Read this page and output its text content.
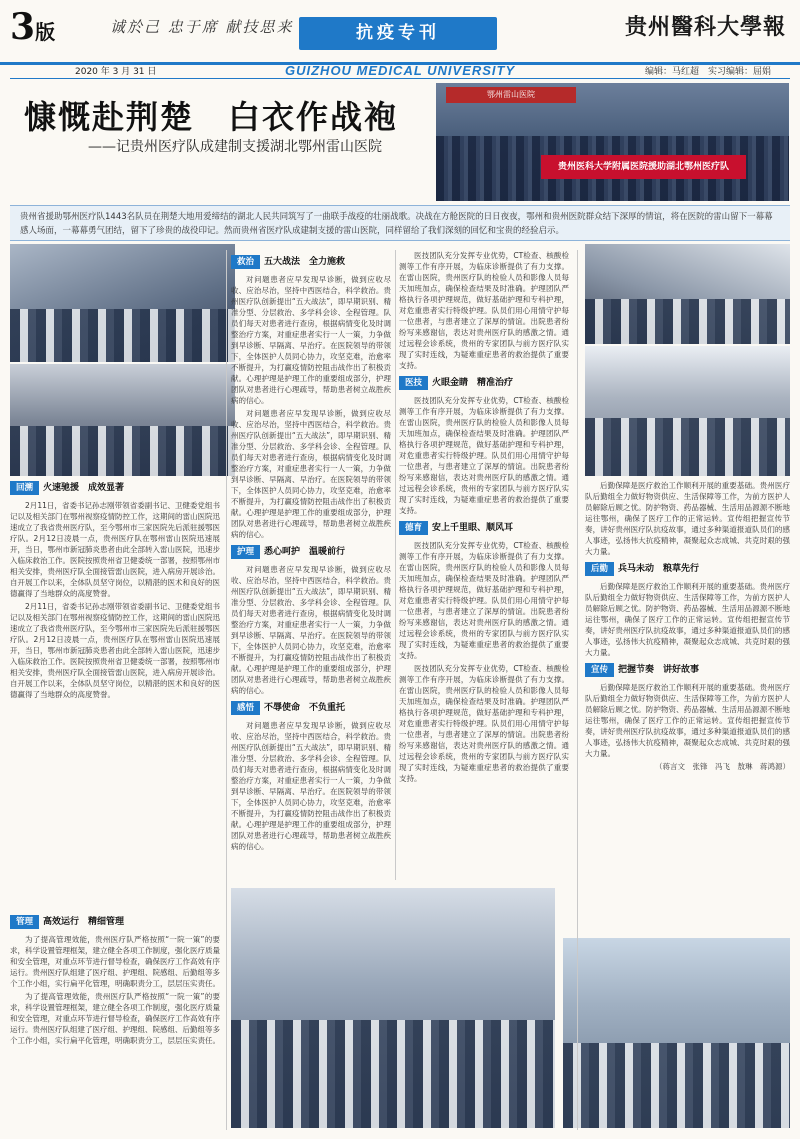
3版	诚於己 忠于席 献技思来	抗疫专刊	贵州醫科大學報
2020 年 3 月 31 日	GUIZHOU MEDICAL UNIVERSITY	编辑：马红超　实习编辑：屈娟
慷慨赴荆楚　白衣作战袍
——记贵州医疗队成建制支援湖北鄂州雷山医院
鄂州雷山医院
贵州医科大学附属医院援助湖北鄂州医疗队
贵州省援助鄂州医疗队1443名队员在荆楚大地用爱缔结的湖北人民共同筑写了一曲联手战疫的壮丽战歌。决战在方舱医院的日日夜夜，鄂州和贵州医院群众结下深厚的情谊，将在医院的雷山留下一幕幕感人场面，一幕幕勇气团结，留下了珍贵的战役印记。然而贵州省医疗队成建制支援的雷山医院，同样留给了我们深刻的回忆和宝贵的经验启示。
回溯 火速驰援　成效显著

2月11日，省委书记孙志刚带领省委副书记、卫健委党组书记以及相关部门在鄂州视察疫情防控工作，这期间的雷山医院迅速成立了我省贵州医疗队，至今鄂州市三家医院先后派驻援鄂医疗队。2月12日凌晨一点，贵州医疗队在鄂州雷山医院迅速展开，当日，鄂州市新冠肺炎患者由此全部转入雷山医院，迅速步入临床救治工作。医院按照贵州省卫健委统一部署，按照鄂州市相关安排，贵州医疗队全面接管雷山医院，进入病房开展诊治。自开展工作以来，全体队员坚守岗位，以精湛的医术和良好的医德赢得了当地群众的高度赞誉。

2月11日，省委书记孙志刚带领省委副书记、卫健委党组书记以及相关部门在鄂州视察疫情防控工作，这期间的雷山医院迅速成立了我省贵州医疗队，至今鄂州市三家医院先后派驻援鄂医疗队。2月12日凌晨一点，贵州医疗队在鄂州雷山医院迅速展开，当日，鄂州市新冠肺炎患者由此全部转入雷山医院，迅速步入临床救治工作。医院按照贵州省卫健委统一部署，按照鄂州市相关安排，贵州医疗队全面接管雷山医院，进入病房开展诊治。自开展工作以来，全体队员坚守岗位，以精湛的医术和良好的医德赢得了当地群众的高度赞誉。

管理 高效运行　精细管理

为了提高管理效能，贵州医疗队严格按照“一院一策”的要求，科学设置管理框架，建立健全各项工作制度，强化医疗质量和安全管理，对重点环节进行督导检查，确保医疗工作高效有序运行。贵州医疗队组建了医疗组、护理组、院感组、后勤组等多个工作小组，实行扁平化管理，明确职责分工，层层压实责任。

为了提高管理效能，贵州医疗队严格按照“一院一策”的要求，科学设置管理框架，建立健全各项工作制度，强化医疗质量和安全管理，对重点环节进行督导检查，确保医疗工作高效有序运行。贵州医疗队组建了医疗组、护理组、院感组、后勤组等多个工作小组，实行扁平化管理，明确职责分工，层层压实责任。

救治 五大战法　全力施救

对问题患者应早发现早诊断，做到应收尽收、应治尽治，坚持中西医结合，科学救治。贵州医疗队创新提出“五大战法”，即早期识别、精准分型、分层救治、多学科会诊、全程管理。队员们每天对患者进行查房，根据病情变化及时调整治疗方案，对重症患者实行一人一策，力争做到早诊断、早隔离、早治疗。在医院领导的带领下，全体医护人员同心协力，攻坚克难，治愈率不断提升，为打赢疫情防控阻击战作出了积极贡献。心理护理是护理工作的重要组成部分，护理团队对患者进行心理疏导，帮助患者树立战胜疾病的信心。

对问题患者应早发现早诊断，做到应收尽收、应治尽治，坚持中西医结合，科学救治。贵州医疗队创新提出“五大战法”，即早期识别、精准分型、分层救治、多学科会诊、全程管理。队员们每天对患者进行查房，根据病情变化及时调整治疗方案，对重症患者实行一人一策，力争做到早诊断、早隔离、早治疗。在医院领导的带领下，全体医护人员同心协力，攻坚克难，治愈率不断提升，为打赢疫情防控阻击战作出了积极贡献。心理护理是护理工作的重要组成部分，护理团队对患者进行心理疏导，帮助患者树立战胜疾病的信心。

护理 悉心呵护　温暖前行

对问题患者应早发现早诊断，做到应收尽收、应治尽治，坚持中西医结合，科学救治。贵州医疗队创新提出“五大战法”，即早期识别、精准分型、分层救治、多学科会诊、全程管理。队员们每天对患者进行查房，根据病情变化及时调整治疗方案，对重症患者实行一人一策，力争做到早诊断、早隔离、早治疗。在医院领导的带领下，全体医护人员同心协力，攻坚克难，治愈率不断提升，为打赢疫情防控阻击战作出了积极贡献。心理护理是护理工作的重要组成部分，护理团队对患者进行心理疏导，帮助患者树立战胜疾病的信心。

感悟 不辱使命　不负重托

对问题患者应早发现早诊断，做到应收尽收、应治尽治，坚持中西医结合，科学救治。贵州医疗队创新提出“五大战法”，即早期识别、精准分型、分层救治、多学科会诊、全程管理。队员们每天对患者进行查房，根据病情变化及时调整治疗方案，对重症患者实行一人一策，力争做到早诊断、早隔离、早治疗。在医院领导的带领下，全体医护人员同心协力，攻坚克难，治愈率不断提升，为打赢疫情防控阻击战作出了积极贡献。心理护理是护理工作的重要组成部分，护理团队对患者进行心理疏导，帮助患者树立战胜疾病的信心。

医技团队充分发挥专业优势，CT检查、核酸检测等工作有序开展，为临床诊断提供了有力支撑。在雷山医院，贵州医疗队的检验人员和影像人员每天加班加点，确保检查结果及时准确。护理团队严格执行各项护理规范，做好基础护理和专科护理，对危重患者实行特级护理。队员们用心用情守护每一位患者，与患者建立了深厚的情谊。出院患者纷纷写来感谢信，表达对贵州医疗队的感激之情。通过远程会诊系统，贵州的专家团队与前方医疗队实现了实时连线，为疑难重症患者的救治提供了重要支持。

医技 火眼金睛　精准治疗

医技团队充分发挥专业优势，CT检查、核酸检测等工作有序开展，为临床诊断提供了有力支撑。在雷山医院，贵州医疗队的检验人员和影像人员每天加班加点，确保检查结果及时准确。护理团队严格执行各项护理规范，做好基础护理和专科护理，对危重患者实行特级护理。队员们用心用情守护每一位患者，与患者建立了深厚的情谊。出院患者纷纷写来感谢信，表达对贵州医疗队的感激之情。通过远程会诊系统，贵州的专家团队与前方医疗队实现了实时连线，为疑难重症患者的救治提供了重要支持。

德育 安上千里眼、顺风耳

医技团队充分发挥专业优势，CT检查、核酸检测等工作有序开展，为临床诊断提供了有力支撑。在雷山医院，贵州医疗队的检验人员和影像人员每天加班加点，确保检查结果及时准确。护理团队严格执行各项护理规范，做好基础护理和专科护理，对危重患者实行特级护理。队员们用心用情守护每一位患者，与患者建立了深厚的情谊。出院患者纷纷写来感谢信，表达对贵州医疗队的感激之情。通过远程会诊系统，贵州的专家团队与前方医疗队实现了实时连线，为疑难重症患者的救治提供了重要支持。

医技团队充分发挥专业优势，CT检查、核酸检测等工作有序开展，为临床诊断提供了有力支撑。在雷山医院，贵州医疗队的检验人员和影像人员每天加班加点，确保检查结果及时准确。护理团队严格执行各项护理规范，做好基础护理和专科护理，对危重患者实行特级护理。队员们用心用情守护每一位患者，与患者建立了深厚的情谊。出院患者纷纷写来感谢信，表达对贵州医疗队的感激之情。通过远程会诊系统，贵州的专家团队与前方医疗队实现了实时连线，为疑难重症患者的救治提供了重要支持。

后勤保障是医疗救治工作顺利开展的重要基础。贵州医疗队后勤组全力做好物资供应、生活保障等工作，为前方医护人员解除后顾之忧。防护物资、药品器械、生活用品源源不断地运往鄂州，确保了医疗工作的正常运转。宣传组把握宣传节奏，讲好贵州医疗队抗疫故事，通过多种渠道报道队员们的感人事迹，弘扬伟大抗疫精神，凝聚起众志成城、共克时艰的强大力量。

后勤 兵马未动　粮草先行

后勤保障是医疗救治工作顺利开展的重要基础。贵州医疗队后勤组全力做好物资供应、生活保障等工作，为前方医护人员解除后顾之忧。防护物资、药品器械、生活用品源源不断地运往鄂州，确保了医疗工作的正常运转。宣传组把握宣传节奏，讲好贵州医疗队抗疫故事，通过多种渠道报道队员们的感人事迹，弘扬伟大抗疫精神，凝聚起众志成城、共克时艰的强大力量。

宣传 把握节奏　讲好故事

后勤保障是医疗救治工作顺利开展的重要基础。贵州医疗队后勤组全力做好物资供应、生活保障等工作，为前方医护人员解除后顾之忧。防护物资、药品器械、生活用品源源不断地运往鄂州，确保了医疗工作的正常运转。宣传组把握宣传节奏，讲好贵州医疗队抗疫故事，通过多种渠道报道队员们的感人事迹，弘扬伟大抗疫精神，凝聚起众志成城、共克时艰的强大力量。

（蒋言文　张锋　冯飞　敖琳　蒋鸿源）
